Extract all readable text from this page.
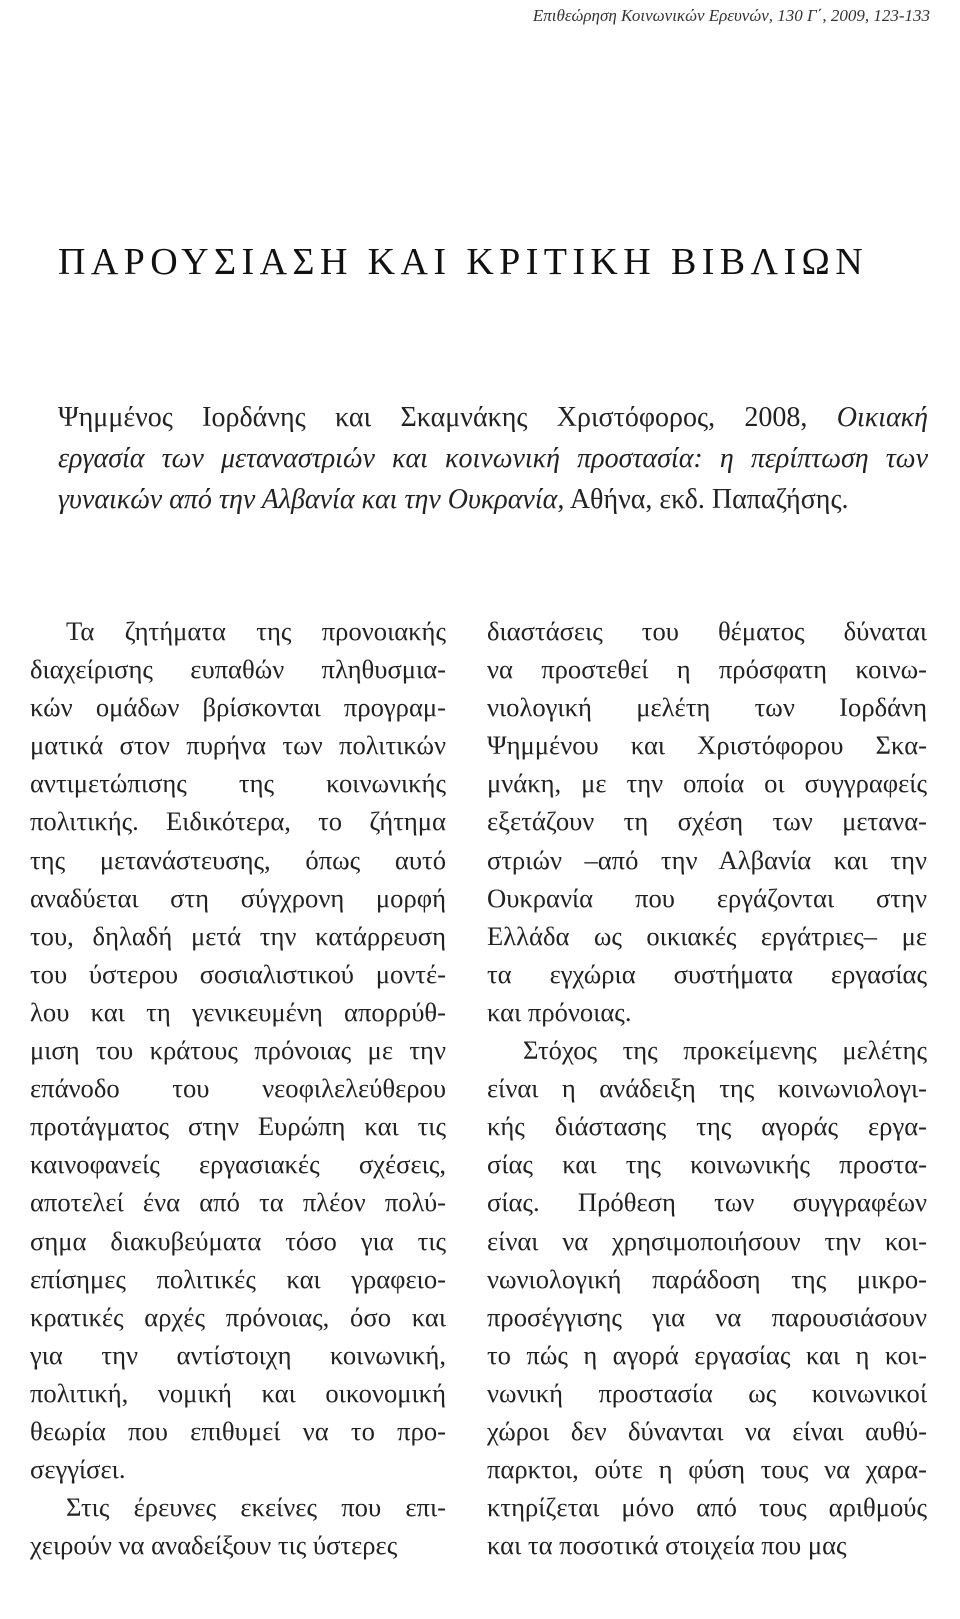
Επιθεώρηση Κοινωνικών Ερευνών, 130 Γ΄, 2009, 123-133
ΠΑΡΟΥΣΙΑΣΗ ΚΑΙ ΚΡΙΤΙΚΗ ΒΙΒΛΙΩΝ
Ψημμένος Ιορδάνης και Σκαμνάκης Χριστόφορος, 2008, Οικιακή
εργασία των μεταναστριών και κοινωνική προστασία: η περίπτωση των
γυναικών από την Αλβανία και την Ουκρανία, Αθήνα, εκδ. Παπαζήσης.
Τα ζητήματα της προνοιακής
διαχείρισης ευπαθών πληθυσμια-
κών ομάδων βρίσκονται προγραμ-
ματικά στον πυρήνα των πολιτικών
αντιμετώπισης της κοινωνικής
πολιτικής. Ειδικότερα, το ζήτημα
της μετανάστευσης, όπως αυτό
αναδύεται στη σύγχρονη μορφή
του, δηλαδή μετά την κατάρρευση
του ύστερου σοσιαλιστικού μοντέ-
λου και τη γενικευμένη απορρύθ-
μιση του κράτους πρόνοιας με την
επάνοδο του νεοφιλελεύθερου
προτάγματος στην Ευρώπη και τις
καινοφανείς εργασιακές σχέσεις,
αποτελεί ένα από τα πλέον πολύ-
σημα διακυβεύματα τόσο για τις
επίσημες πολιτικές και γραφειο-
κρατικές αρχές πρόνοιας, όσο και
για την αντίστοιχη κοινωνική,
πολιτική, νομική και οικονομική
θεωρία που επιθυμεί να το προ-
σεγγίσει.
Στις έρευνες εκείνες που επι-
χειρούν να αναδείξουν τις ύστερες
διαστάσεις του θέματος δύναται
να προστεθεί η πρόσφατη κοινω-
νιολογική μελέτη των Ιορδάνη
Ψημμένου και Χριστόφορου Σκα-
μνάκη, με την οποία οι συγγραφείς
εξετάζουν τη σχέση των μετανα-
στριών –από την Αλβανία και την
Ουκρανία που εργάζονται στην
Ελλάδα ως οικιακές εργάτριες– με
τα εγχώρια συστήματα εργασίας
και πρόνοιας.
Στόχος της προκείμενης μελέτης
είναι η ανάδειξη της κοινωνιολογι-
κής διάστασης της αγοράς εργα-
σίας και της κοινωνικής προστα-
σίας. Πρόθεση των συγγραφέων
είναι να χρησιμοποιήσουν την κοι-
νωνιολογική παράδοση της μικρο-
προσέγγισης για να παρουσιάσουν
το πώς η αγορά εργασίας και η κοι-
νωνική προστασία ως κοινωνικοί
χώροι δεν δύνανται να είναι αυθύ-
παρκτοι, ούτε η φύση τους να χαρα-
κτηρίζεται μόνο από τους αριθμούς
και τα ποσοτικά στοιχεία που μας
